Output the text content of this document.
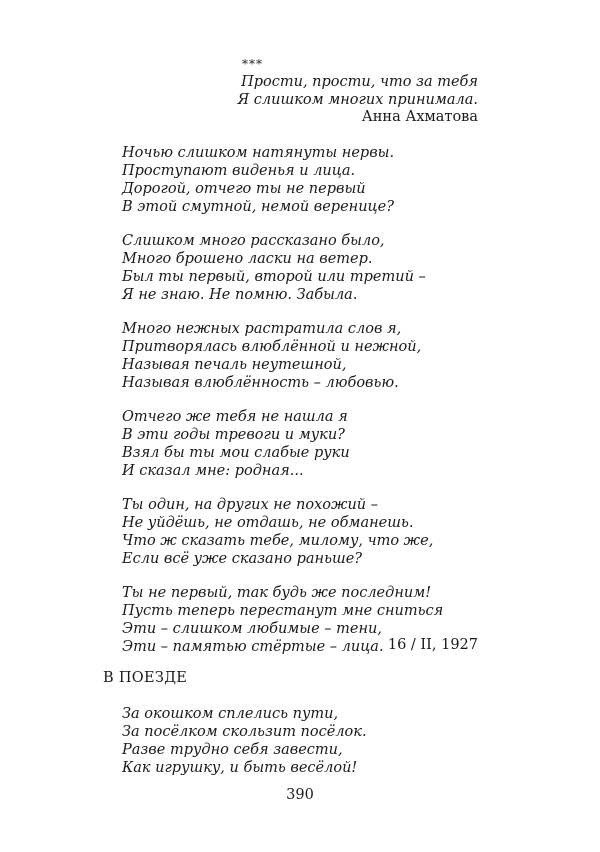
***
Прости, прости, что за тебя
Я слишком многих принимала.
Анна Ахматова
Ночью слишком натянуты нервы.
Проступают виденья и лица.
Дорогой, отчего ты не первый
В этой смутной, немой веренице?
Слишком много рассказано было,
Много брошено ласки на ветер.
Был ты первый, второй или третий –
Я не знаю. Не помню. Забыла.
Много нежных растратила слов я,
Притворялась влюблённой и нежной,
Называя печаль неутешной,
Называя влюблённость – любовью.
Отчего же тебя не нашла я
В эти годы тревоги и муки?
Взял бы ты мои слабые руки
И сказал мне: родная...
Ты один, на других не похожий –
Не уйдёшь, не отдашь, не обманешь.
Что ж сказать тебе, милому, что же,
Если всё уже сказано раньше?
Ты не первый, так будь же последним!
Пусть теперь перестанут мне сниться
Эти – слишком любимые – тени,
Эти – памятью стёртые – лица. 16 / II, 1927
В ПОЕЗДЕ
За окошком сплелись пути,
За посёлком скользит посёлок.
Разве трудно себя завести,
Как игрушку, и быть весёлой!
390
